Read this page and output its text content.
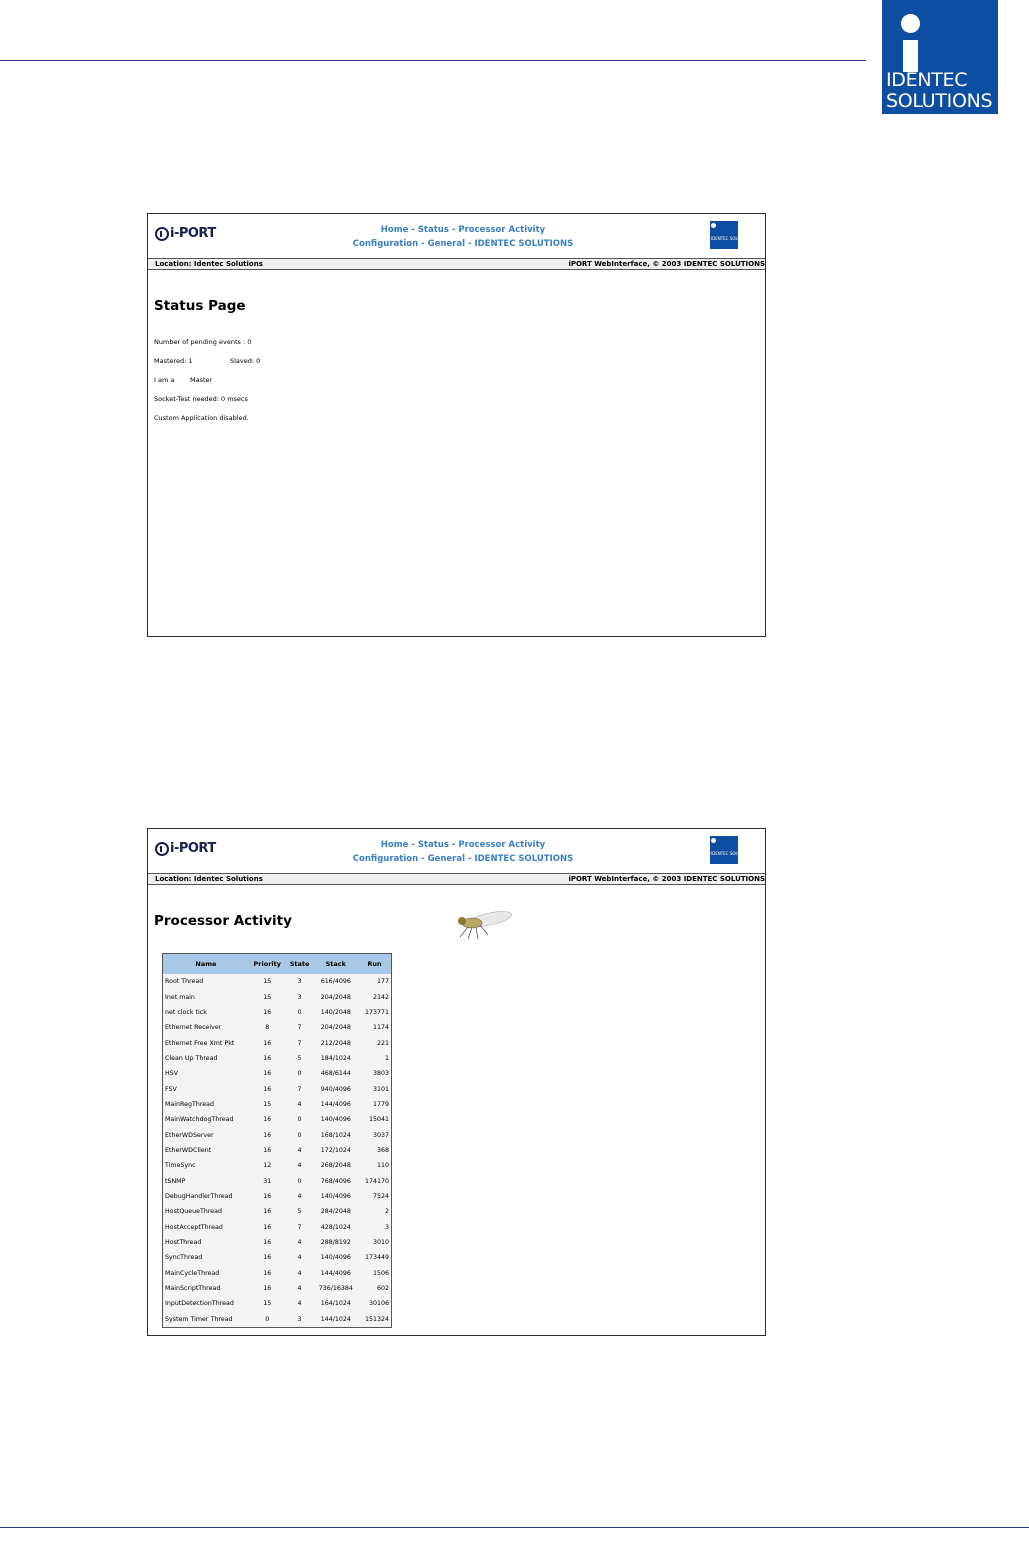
IDENTEC
SOLUTIONS
i-PORT	Home - Status - Processor Activity
Configuration - General - IDENTEC SOLUTIONS
IDENTEC SOLUTIONS
Location: Identec Solutions	iPORT WebInterface, © 2003 IDENTEC SOLUTIONS
Status Page
Number of pending events : 0
Mastered: 1	Slaved: 0
I am a Master
Socket-Test needed: 0 msecs
Custom Application disabled.
i-PORT	Home - Status - Processor Activity
Configuration - General - IDENTEC SOLUTIONS
IDENTEC SOLUTIONS
Location: Identec Solutions	iPORT WebInterface, © 2003 IDENTEC SOLUTIONS
Processor Activity
Name	Priority	State	Stack	Run
Root Thread	15	3	616/4096	177
Inet main	15	3	204/2048	2142
net clock tick	16	0	140/2048	173771
Ethernet Receiver	8	7	204/2048	1174
Ethernet Free Xmt Pkt	16	7	212/2048	221
Clean Up Thread	16	5	184/1024	1
HSV	16	0	468/6144	3803
FSV	16	7	940/4096	3101
MainRegThread	15	4	144/4096	1779
MainWatchdogThread	16	0	140/4096	15041
EtherWDServer	16	0	168/1024	3037
EtherWDClient	16	4	172/1024	368
TimeSync	12	4	268/2048	110
tSNMP	31	0	768/4096	174170
DebugHandlerThread	16	4	140/4096	7524
HostQueueThread	16	5	284/2048	2
HostAcceptThread	16	7	428/1024	3
HostThread	16	4	288/8192	3010
SyncThread	16	4	140/4096	173449
MainCycleThread	16	4	144/4096	1506
MainScriptThread	16	4	736/16384	602
InputDetectionThread	15	4	164/1024	30106
System Timer Thread	0	3	144/1024	151324
